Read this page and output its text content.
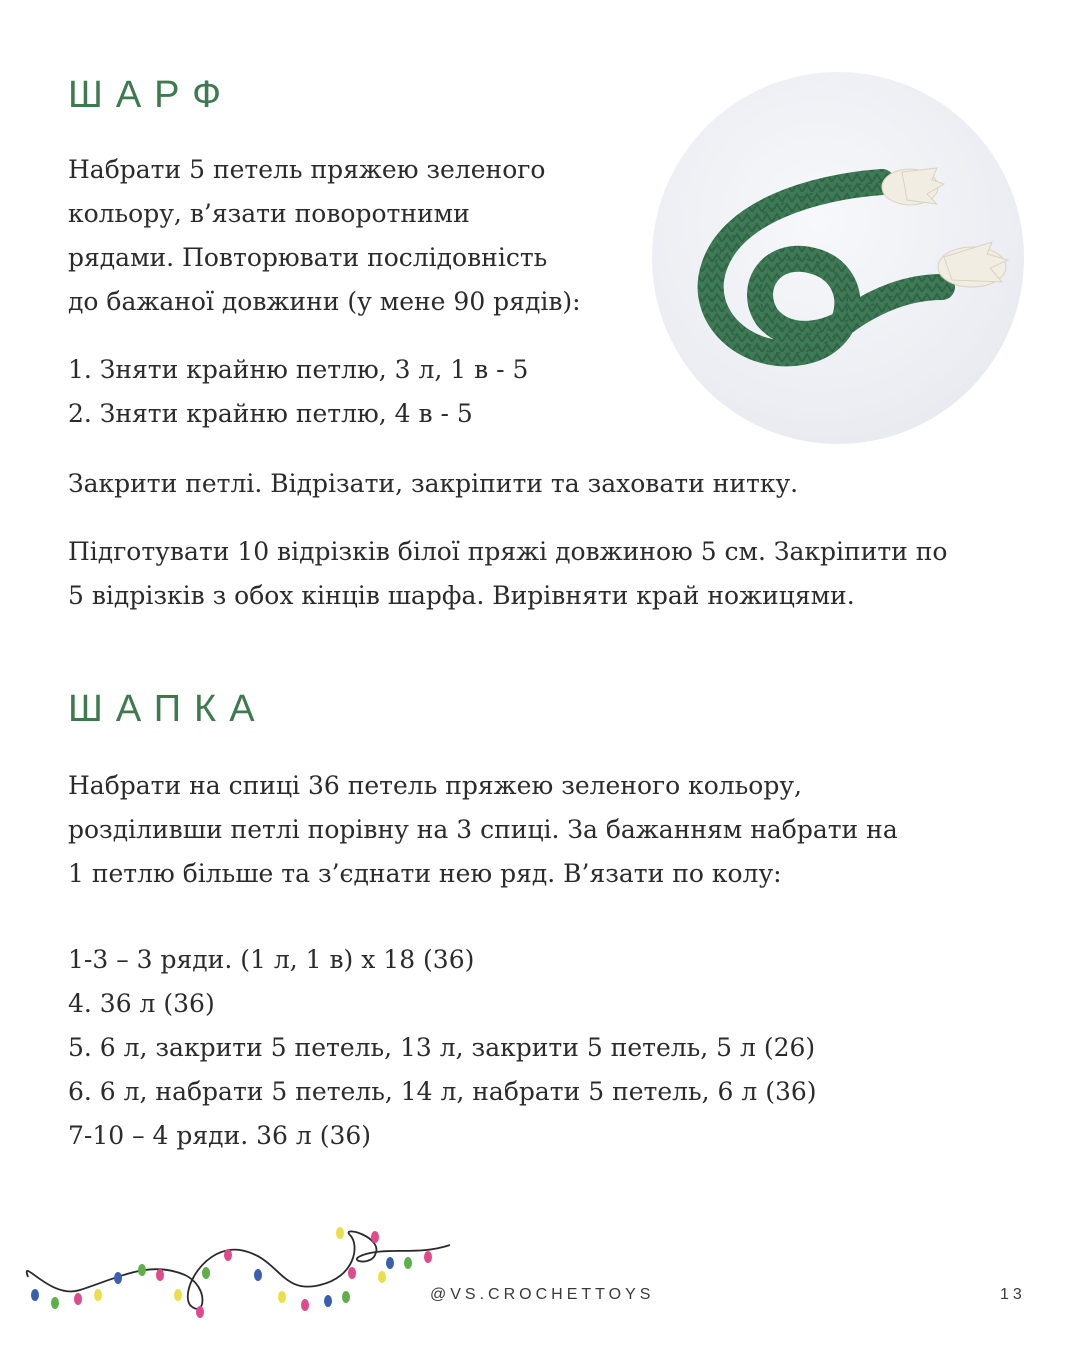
ШАРФ
Набрати 5 петель пряжею зеленого
кольору, в’язати поворотними
рядами. Повторювати послідовність
до бажаної довжини (у мене 90 рядів):
1. Зняти крайню петлю, 3 л, 1 в - 5
2. Зняти крайню петлю, 4 в - 5
Закрити петлі. Відрізати, закріпити та заховати нитку.
Підготувати 10 відрізків білої пряжі довжиною 5 см. Закріпити по
5 відрізків з обох кінців шарфа. Вирівняти край ножицями.
ШАПКА
Набрати на спиці 36 петель пряжею зеленого кольору,
розділивши петлі порівну на 3 спиці. За бажанням набрати на
1 петлю більше та з’єднати нею ряд. В’язати по колу:
1-3 – 3 ряди. (1 л, 1 в) х 18 (36)
4. 36 л (36)
5. 6 л, закрити 5 петель, 13 л, закрити 5 петель, 5 л (26)
6. 6 л, набрати 5 петель, 14 л, набрати 5 петель, 6 л (36)
7-10 – 4 ряди. 36 л (36)
@VS.CROCHETTOYS	13
